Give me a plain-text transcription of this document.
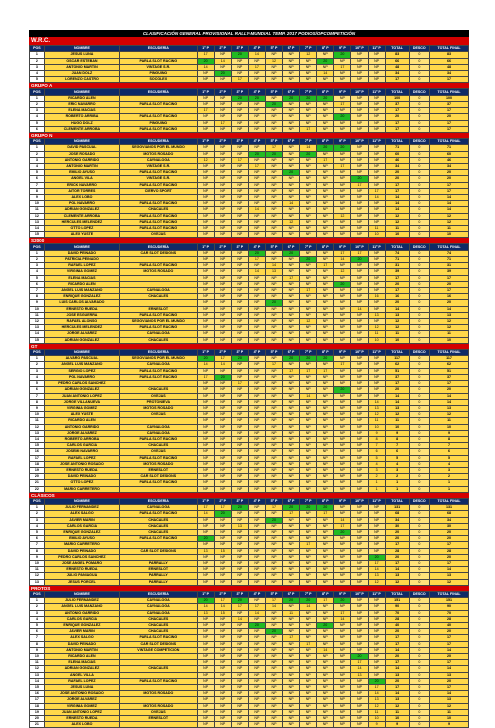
CLASIFICACIÓN GENERAL PROVISIONAL RALLY-MUNDIAL TEMP. 2017 PODIOS/OPCOMPETICIÓN
W.R.C.
POS	NOMBRE	ESCUDERÍA	1º P	2º P	3º P	4º P	5º P	6º P	7º P	8º P	9º P	10º P	11º P	TOTAL	DESCO	TOTAL FINAL
1	JESUS LUNA		17	NP	20	14	NP	NP	12	NP	20	NP	NP	83	0	83
2	OSCAR ESTEBAN	PARLA SLOT RACING	20	14	NP	NP	12	NP	NP	20	NP	NP	NP	66	0	66
3	ANTONIO MARTIN	VINTAGE S.R.	14	NP	NP	17	NP	NP	NP	NP	17	NP	NP	48	0	48
4	JUAN DOLZ	PINGUINO	NP	20	NP	NP	NP	NP	NP	14	NP	NP	NP	34	0	34
5	LORENZO CASTRO	SOCOLEX	NP	NP	17	NP	NP	NP	NP	NP	NP	NP	NP	17	0	17
GRUPO A
POS	NOMBRE	ESCUDERÍA	1º P	2º P	3º P	4º P	5º P	6º P	7º P	8º P	9º P	10º P	11º P	TOTAL	DESCO	TOTAL FINAL
1	RICARDO ALEN		NP	NP	20	20	NP	20	20	20	NP	NP	NP	100	0	100
2	ERIC NAVARRO	PARLA SLOT RACING	NP	NP	NP	NP	20	NP	NP	NP	17	NP	NP	37	0	37
3	ELENA MACIAS		17	NP	NP	NP	NP	NP	NP	NP	NP	NP	NP	17	0	17
4	ROBERTO ARRIBA	PARLA SLOT RACING	NP	NP	NP	NP	NP	NP	NP	NP	20	NP	NP	20	0	20
5	HUGO DOLZ	PINGUINO	NP	17	NP	NP	NP	NP	NP	NP	NP	NP	NP	17	0	17
6	CLEMENTE ARROBA	PARLA SLOT RACING	NP	NP	NP	NP	NP	NP	17	NP	NP	NP	NP	17	0	17
GRUPO N
POS	NOMBRE	ESCUDERÍA	1º P	2º P	3º P	4º P	5º P	6º P	7º P	8º P	9º P	10º P	11º P	TOTAL	DESCO	TOTAL FINAL
1	DAVID PASCUAL	SEGOVIANOS POR EL MUNDO	NP	NP	NP	NP	17	NP	14	20	20	NP	NP	71	0	71
2	JOSE ROSADO	MOTOS ROSADO	NP	NP	NP	20	20	NP	20	NP	NP	NP	NP	60	0	60
3	ANTONIO GARRIDO	CAYNALOGA	12	NP	17	NP	NP	NP	NP	17	NP	NP	NP	46	0	46
4	ANTONIO MARTIN	VINTAGE S.R.	NP	NP	NP	17	NP	NP	NP	NP	17	NP	NP	34	0	34
5	EMILIO AYUSO	PARLA SLOT RACING	NP	NP	NP	NP	NP	20	NP	NP	NP	NP	NP	20	0	20
6	ANGEL VILA	VINTAGE S.R.	NP	NP	NP	NP	NP	NP	NP	NP	NP	20	NP	20	0	20
7	ERICK NAVARRO	PARLA SLOT RACING	NP	NP	NP	NP	NP	NP	NP	NP	NP	17	NP	17	0	17
8	AITOR TORRES	CIERVO SPORT	NP	NP	NP	NP	NP	NP	NP	NP	NP	NP	17	17	0	17
9	ALEX LOBO		NP	NP	NP	NP	NP	NP	NP	NP	NP	NP	14	14	0	14
10	POL NAVARRO	PARLA SLOT RACING	NP	NP	NP	NP	NP	14	NP	NP	NP	NP	NP	14	0	14
11	ADRIAN GONZALEZ	CHACALES	NP	NP	NP	14	NP	NP	NP	NP	NP	NP	NP	14	0	14
12	CLEMENTE ARROBA	PARLA SLOT RACING	NP	NP	NP	NP	NP	NP	NP	NP	12	NP	NP	12	0	12
13	HERCULES MELENDEZ	PARLA SLOT RACING	NP	NP	NP	NP	NP	12	NP	NP	NP	NP	NP	12	0	12
14	OTTO LOPEZ	PARLA SLOT RACING	NP	NP	NP	NP	NP	NP	NP	NP	NP	NP	11	11	0	11
15	ALEX YUSTE	OVEJAS	NP	NP	NP	NP	NP	NP	NP	NP	NP	NP	10	10	0	10
S2000
POS	NOMBRE	ESCUDERÍA	1º P	2º P	3º P	4º P	5º P	6º P	7º P	8º P	9º P	10º P	11º P	TOTAL	DESCO	TOTAL FINAL
1	DAVID PEINADO	CAR SLOT DESIGNS	NP	NP	NP	20	NP	20	NP	NP	17	17	NP	74	0	74
2	PATRICIA PEINADO		NP	NP	NP	17	NP	NP	20	NP	14	20	NP	71	0	71
3	RAFAEL LOPEZ	PARLA SLOT RACING	NP	NP	NP	NP	14	NP	NP	17	NP	NP	NP	31	0	31
4	VIRGINIA GOMEZ	MOTOS ROSADO	NP	NP	NP	14	13	NP	NP	NP	12	NP	NP	39	0	39
5	ELENA MACIAS		NP	NP	NP	NP	NP	17	NP	NP	NP	NP	NP	17	0	17
6	RICARDO ALEN		NP	NP	NP	NP	NP	NP	NP	NP	20	NP	NP	20	0	20
7	ANGEL LUIS MANZANO	CAYNALOGA	NP	NP	NP	NP	NP	NP	17	NP	NP	NP	NP	17	0	17
8	ENRIQUE GONZALEZ	CHACALES	NP	NP	NP	NP	NP	NP	NP	NP	NP	NP	16	16	0	16
9	LUIS CARLOS ALVARADO		NP	NP	NP	NP	20	NP	NP	NP	NP	NP	NP	20	0	20
10	ERNESTO RUEDA	ERNESLOT	NP	NP	NP	NP	NP	NP	NP	NP	NP	14	NP	14	0	14
11	JOSE ESGUERRA	PARLA SLOT RACING	NP	NP	NP	NP	NP	NP	NP	NP	NP	NP	13	13	0	13
12	RAFAEL ALONSO	SEGOVIANOS POR EL MUNDO	NP	NP	NP	NP	NP	NP	12	NP	NP	NP	NP	12	0	12
13	HERCULES MELENDEZ	PARLA SLOT RACING	NP	NP	NP	NP	NP	NP	NP	NP	NP	NP	12	12	0	12
14	JORGE ALVAREZ	CAYNALOGA	NP	NP	NP	NP	NP	NP	NP	NP	NP	NP	11	11	0	11
15	ADRIAN GONZALEZ	CHACALES	NP	NP	NP	NP	NP	NP	NP	NP	NP	NP	10	10	0	10
GT
POS	NOMBRE	ESCUDERÍA	1º P	2º P	3º P	4º P	5º P	6º P	7º P	8º P	9º P	10º P	11º P	TOTAL	DESCO	TOTAL FINAL
1	ALVARO PASCUAL	SEGOVIANOS POR EL MUNDO	20	17	20	NP	NP	20	20	20	NP	NP	NP	117	0	117
2	ANGEL LUIS MANZANO	CAYNALOGA	14	14	NP	NP	17	NP	NP	NP	17	NP	NP	62	0	62
3	SERGIO LOPEZ	PARLA SLOT RACING	NP	NP	NP	NP	NP	17	17	17	NP	NP	NP	51	0	51
4	POL NAVARRO	PARLA SLOT RACING	17	20	NP	NP	NP	NP	NP	NP	NP	NP	NP	37	0	37
5	PEDRO CARLOS SANCHEZ		NP	NP	17	NP	NP	NP	NP	NP	NP	NP	NP	17	0	17
6	ADRIAN GONZALEZ	CHACALES	NP	NP	NP	NP	NP	NP	NP	NP	20	NP	NP	20	0	20
7	JUAN ANTONIO LOPEZ	OVEJAS	NP	NP	NP	NP	NP	NP	14	NP	NP	NP	NP	14	0	14
8	JORGE VILLANUEVA	PROTONIEVA	NP	NP	NP	NP	NP	NP	NP	NP	NP	NP	14	14	0	14
9	VIRGINIA GOMEZ	MOTOS ROSADO	NP	NP	NP	NP	NP	NP	NP	NP	NP	NP	13	13	0	13
10	ALEX YUSTE	OVEJAS	NP	NP	NP	NP	NP	NP	NP	NP	NP	NP	12	12	0	12
11	RICARDO ALEN		NP	NP	NP	NP	NP	NP	NP	NP	NP	NP	11	11	0	11
12	ANTONIO GARRIDO	CAYNALOGA	NP	NP	NP	NP	NP	NP	NP	NP	NP	NP	10	10	0	10
13	JORGE ALVAREZ	CAYNALOGA	NP	NP	NP	NP	NP	NP	NP	NP	NP	NP	9	9	0	9
14	ROBERTO ARROBA	PARLA SLOT RACING	NP	NP	NP	NP	NP	NP	NP	NP	NP	NP	8	8	0	8
15	CARLOS GARCIA	CHACALES	NP	NP	NP	NP	NP	NP	NP	NP	NP	NP	7	7	0	7
16	JOSEMI NAVARRO	OVEJAS	NP	NP	NP	NP	NP	NP	NP	NP	NP	NP	6	6	0	6
17	RAFAEL LOPEZ	PARLA SLOT RACING	NP	NP	NP	NP	NP	NP	NP	NP	NP	NP	5	5	0	5
18	JOSE ANTONIO ROSADO	MOTOS ROSADO	NP	NP	NP	NP	NP	NP	NP	NP	NP	NP	4	4	0	4
19	ERNESTO RUEDA	ERNESLOT	NP	NP	NP	NP	NP	NP	NP	NP	NP	NP	3	3	0	3
20	DAVID PEINADO	CAR SLOT DESIGNS	NP	NP	NP	NP	NP	NP	NP	NP	NP	NP	2	2	0	2
21	OTTO LOPEZ	PARLA SLOT RACING	NP	NP	NP	NP	NP	NP	NP	NP	NP	NP	1	1	0	1
22	MARIO CARRETERO		NP	NP	NP	NP	NP	NP	NP	NP	NP	NP	1	1	0	1
CLÁSICOS
POS	NOMBRE	ESCUDERÍA	1º P	2º P	3º P	4º P	5º P	6º P	7º P	8º P	9º P	10º P	11º P	TOTAL	DESCO	TOTAL FINAL
1	JULIO FERNANDEZ	CAYNALOGA	17	17	20	NP	17	20	20	20	NP	NP	NP	131	0	131
2	ALEX SALGO	PARLA SLOT RACING	14	20	NP	NP	NP	17	NP	17	NP	NP	NP	68	0	68
3	JAVIER MARIN	CHACALES	NP	NP	NP	NP	20	NP	NP	NP	14	NP	NP	34	0	34
4	CARLOS GARCIA	CHACALES	NP	NP	13	NP	NP	NP	NP	NP	17	NP	NP	30	0	30
5	ENRIQUE GONZALEZ	CHACALES	NP	NP	NP	NP	NP	NP	NP	NP	20	NP	NP	20	0	20
6	EMILIO AYUSO	PARLA SLOT RACING	20	NP	NP	NP	NP	NP	NP	NP	NP	NP	NP	20	0	20
7	MARIO CARRETERO		NP	NP	NP	NP	NP	NP	17	NP	NP	NP	NP	17	0	17
8	DAVID PEINADO	CAR SLOT DESIGNS	13	15	NP	NP	NP	NP	NP	NP	NP	NP	NP	28	0	28
9	PEDRO CARLOS SANCHEZ		NP	NP	NP	NP	NP	NP	NP	NP	NP	NP	20	20	0	20
10	JOSE ANGEL POMARO	PARRALLY	NP	NP	NP	NP	NP	NP	NP	NP	NP	NP	17	17	0	17
11	ERNESTO RUEDA	ERNESLOT	NP	NP	NP	NP	NP	NP	NP	NP	NP	NP	14	14	0	14
12	JULIO PANIAGUA	PARRALLY	NP	NP	NP	NP	NP	NP	NP	NP	NP	NP	13	13	0	13
13	JESUS PORCEL	PARRALLY	NP	NP	NP	NP	NP	NP	NP	NP	NP	NP	12	12	0	12
PROTOS
POS	NOMBRE	ESCUDERÍA	1º P	2º P	3º P	4º P	5º P	6º P	7º P	8º P	9º P	10º P	11º P	TOTAL	DESCO	TOTAL FINAL
1	JULIO FERNANDEZ	CAYNALOGA	20	17	20	NP	17	20	20	17	20	NP	NP	151	0	151
2	ANGEL LUIS MANZANO	CAYNALOGA	14	14	17	17	14	NP	14	NP	NP	NP	NP	90	0	90
3	ANTONIO GARRIDO	CAYNALOGA	13	15	NP	14	NP	11	NP	NP	17	NP	NP	70	0	70
4	CARLOS GARCIA	CHACALES	NP	NP	14	NP	NP	NP	NP	NP	14	NP	NP	28	0	28
5	ENRIQUE GONZALEZ	CHACALES	NP	NP	NP	20	NP	NP	NP	20	NP	NP	NP	40	0	40
6	JAVIER MARIN	CHACALES	NP	NP	NP	NP	20	NP	NP	NP	NP	NP	NP	20	0	20
7	ALEX SALGO	PARLA SLOT RACING	NP	NP	NP	NP	NP	17	NP	NP	NP	NP	NP	17	0	17
8	DAVID PEINADO	CAR SLOT DESIGNS	NP	NP	NP	NP	NP	NP	17	NP	NP	NP	NP	17	0	17
9	ANTONIO MARTIN	VINTAGE COMPETICION	NP	NP	NP	NP	NP	NP	NP	14	NP	NP	NP	14	0	14
10	RICARDO ALEN		NP	NP	NP	NP	NP	NP	NP	NP	NP	20	NP	20	0	20
11	ELENA MACIAS		NP	NP	NP	NP	NP	NP	NP	NP	NP	17	NP	17	0	17
12	ADRIAN GONZALEZ	CHACALES	NP	NP	NP	NP	NP	NP	NP	NP	NP	14	NP	14	0	14
13	ANGEL VILLA		NP	NP	NP	NP	NP	NP	NP	NP	NP	13	NP	13	0	13
14	RAFAEL LOPEZ	PARLA SLOT RACING	NP	NP	NP	NP	NP	NP	NP	NP	NP	NP	20	20	0	20
15	JESUS LUNA		NP	NP	NP	NP	NP	NP	NP	NP	NP	NP	17	17	0	17
16	JOSE ANTONIO ROSADO	MOTOS ROSADO	NP	NP	NP	NP	NP	NP	NP	NP	NP	NP	14	14	0	14
17	JORGE ALVAREZ		NP	NP	NP	NP	NP	NP	NP	NP	NP	NP	13	13	0	13
18	VIRGINIA GOMEZ	MOTOS ROSADO	NP	NP	NP	NP	NP	NP	NP	NP	NP	NP	12	12	0	12
19	JUAN ANTONIO LOPEZ	OVEJAS	NP	NP	NP	NP	NP	NP	NP	NP	NP	NP	11	11	0	11
20	ERNESTO RUEDA	ERNESLOT	NP	NP	NP	NP	NP	NP	NP	NP	NP	NP	10	10	0	10
21	ALEX LOBO		NP	NP	NP	NP	NP	NP	NP	NP	NP	NP	9	9	0	9
